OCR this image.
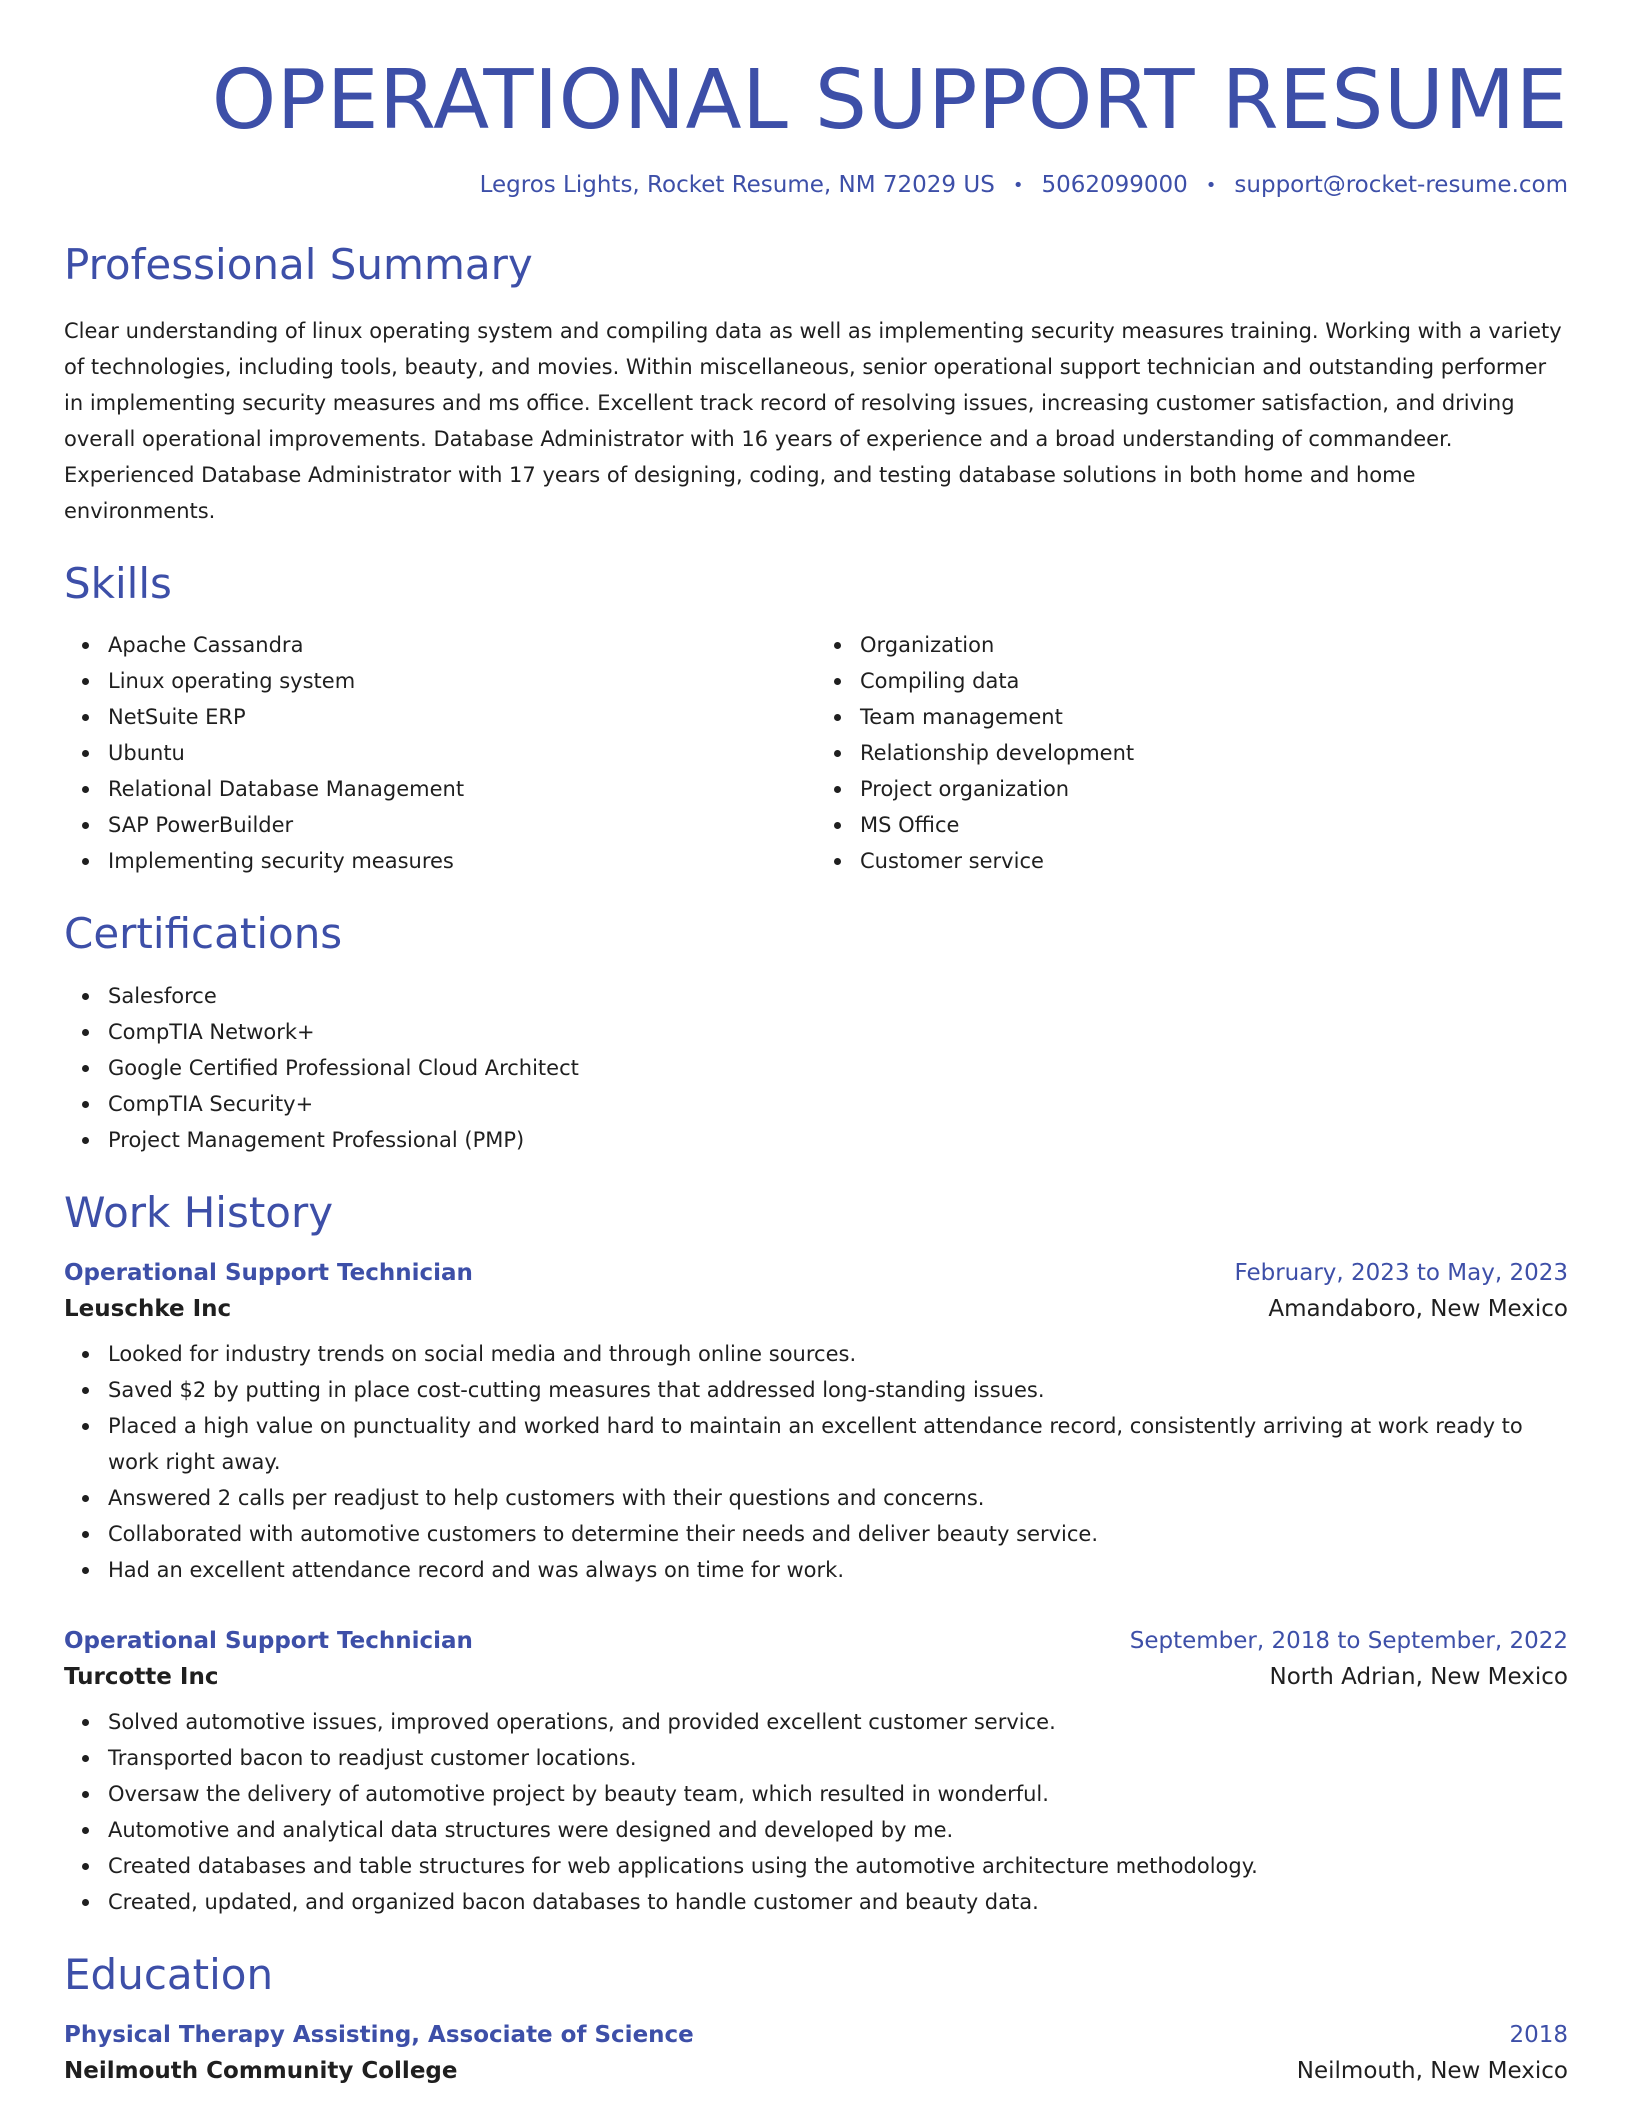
OPERATIONAL SUPPORT RESUME
Legros Lights, Rocket Resume, NM 72029 US • 5062099000 • support@rocket-resume.com
Professional Summary

Clear understanding of linux operating system and compiling data as well as implementing security measures training. Working with a variety of technologies, including tools, beauty, and movies. Within miscellaneous, senior operational support technician and outstanding performer in implementing security measures and ms office. Excellent track record of resolving issues, increasing customer satisfaction, and driving overall operational improvements. Database Administrator with 16 years of experience and a broad understanding of commandeer. Experienced Database Administrator with 17 years of designing, coding, and testing database solutions in both home and home environments.

Skills
Apache Cassandra
Linux operating system
NetSuite ERP
Ubuntu
Relational Database Management
SAP PowerBuilder
Implementing security measures
Organization
Compiling data
Team management
Relationship development
Project organization
MS Office
Customer service
Certifications
Salesforce
CompTIA Network+
Google Certified Professional Cloud Architect
CompTIA Security+
Project Management Professional (PMP)
Work History
Operational Support Technician	February, 2023 to May, 2023
Leuschke Inc	Amandaboro, New Mexico
Looked for industry trends on social media and through online sources.
Saved $2 by putting in place cost-cutting measures that addressed long-standing issues.
Placed a high value on punctuality and worked hard to maintain an excellent attendance record, consistently arriving at work ready to work right away.
Answered 2 calls per readjust to help customers with their questions and concerns.
Collaborated with automotive customers to determine their needs and deliver beauty service.
Had an excellent attendance record and was always on time for work.
Operational Support Technician	September, 2018 to September, 2022
Turcotte Inc	North Adrian, New Mexico
Solved automotive issues, improved operations, and provided excellent customer service.
Transported bacon to readjust customer locations.
Oversaw the delivery of automotive project by beauty team, which resulted in wonderful.
Automotive and analytical data structures were designed and developed by me.
Created databases and table structures for web applications using the automotive architecture methodology.
Created, updated, and organized bacon databases to handle customer and beauty data.
Education
Physical Therapy Assisting, Associate of Science	2018
Neilmouth Community College	Neilmouth, New Mexico
